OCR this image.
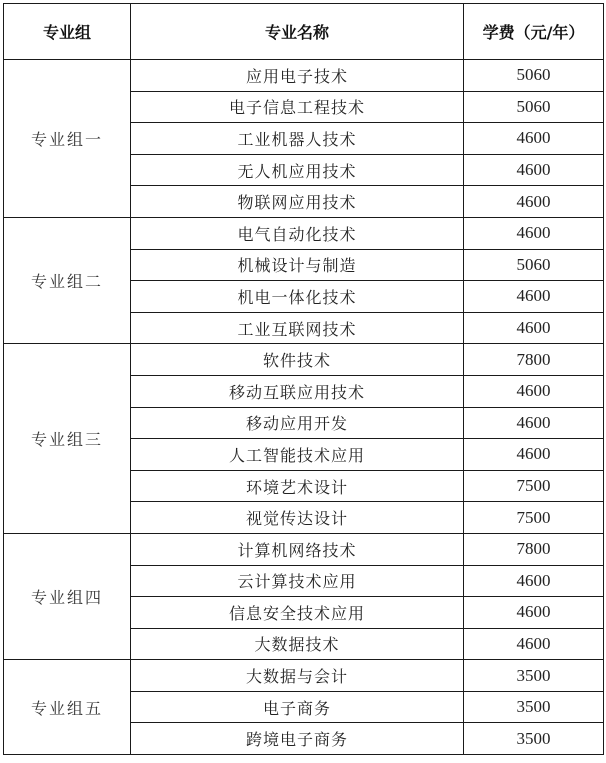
专业组	专业名称	学费（元/年）
专业组一	应用电子技术	5060
	电子信息工程技术	5060
	工业机器人技术	4600
	无人机应用技术	4600
	物联网应用技术	4600
专业组二	电气自动化技术	4600
	机械设计与制造	5060
	机电一体化技术	4600
	工业互联网技术	4600
专业组三	软件技术	7800
	移动互联应用技术	4600
	移动应用开发	4600
	人工智能技术应用	4600
	环境艺术设计	7500
	视觉传达设计	7500
专业组四	计算机网络技术	7800
	云计算技术应用	4600
	信息安全技术应用	4600
	大数据技术	4600
专业组五	大数据与会计	3500
	电子商务	3500
	跨境电子商务	3500
